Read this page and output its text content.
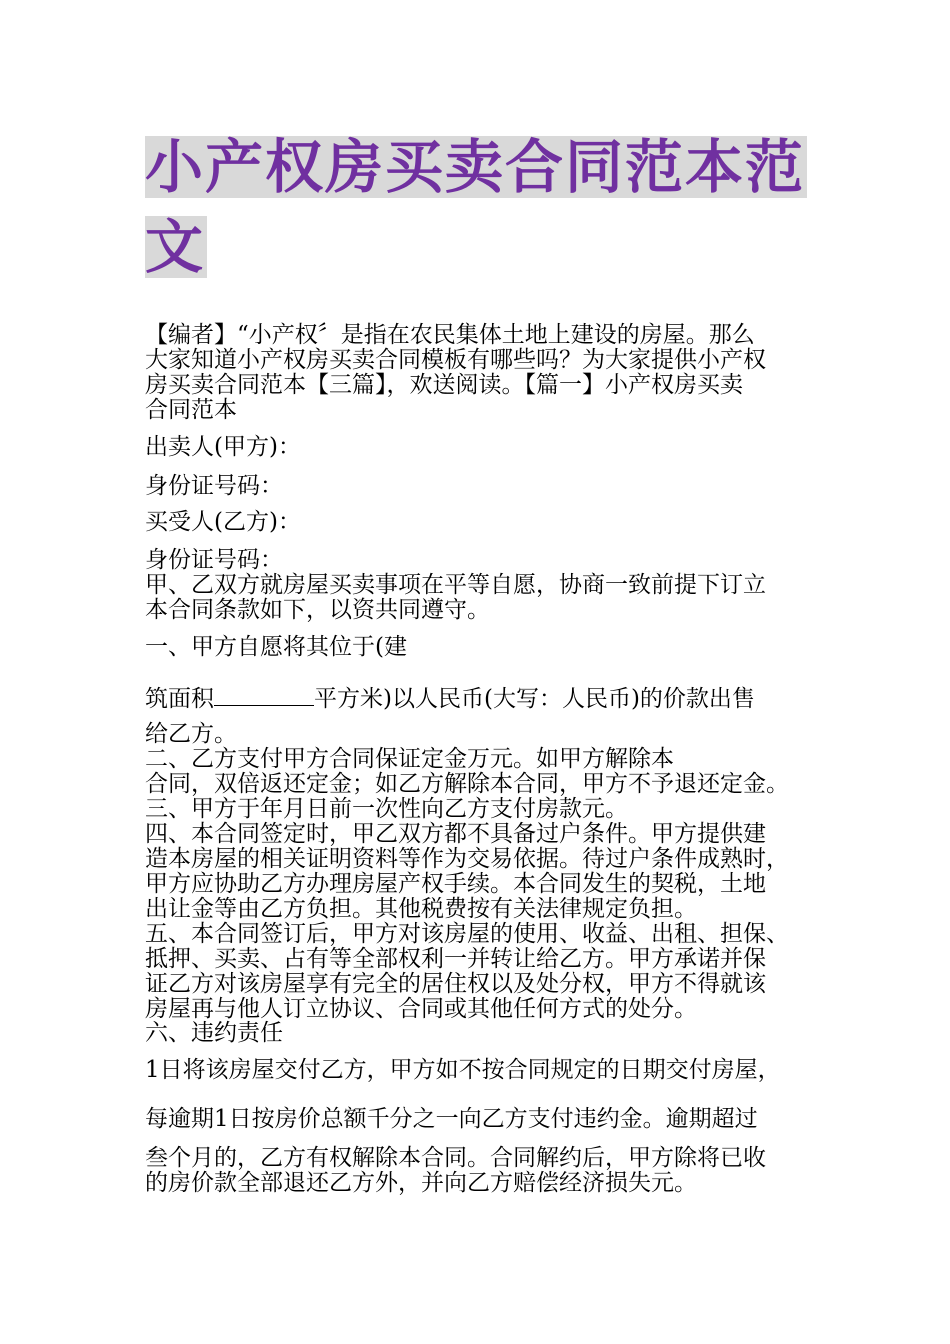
小产权房买卖合同范本范
文
【编者】“小产权〞是指在农民集体土地上建设的房屋。那么
大家知道小产权房买卖合同模板有哪些吗？为大家提供小产权
房买卖合同范本【三篇】，欢送阅读。【篇一】小产权房买卖
合同范本
出卖人(甲方)：
身份证号码：
买受人(乙方)：
身份证号码：
甲、乙双方就房屋买卖事项在平等自愿，协商一致前提下订立
本合同条款如下，以资共同遵守。
一、甲方自愿将其位于(建
筑面积	平方米)以人民币(大写：人民币)的价款出售
给乙方。
二、乙方支付甲方合同保证定金万元。如甲方解除本
合同，双倍返还定金；如乙方解除本合同，甲方不予退还定金。
三、甲方于年月日前一次性向乙方支付房款元。
四、本合同签定时，甲乙双方都不具备过户条件。甲方提供建
造本房屋的相关证明资料等作为交易依据。待过户条件成熟时，
甲方应协助乙方办理房屋产权手续。本合同发生的契税，土地
出让金等由乙方负担。其他税费按有关法律规定负担。
五、本合同签订后，甲方对该房屋的使用、收益、出租、担保、
抵押、买卖、占有等全部权利一并转让给乙方。甲方承诺并保
证乙方对该房屋享有完全的居住权以及处分权，甲方不得就该
房屋再与他人订立协议、合同或其他任何方式的处分。
六、违约责任
1日将该房屋交付乙方，甲方如不按合同规定的日期交付房屋，
每逾期1日按房价总额千分之一向乙方支付违约金。逾期超过
叁个月的，乙方有权解除本合同。合同解约后，甲方除将已收
的房价款全部退还乙方外，并向乙方赔偿经济损失元。
